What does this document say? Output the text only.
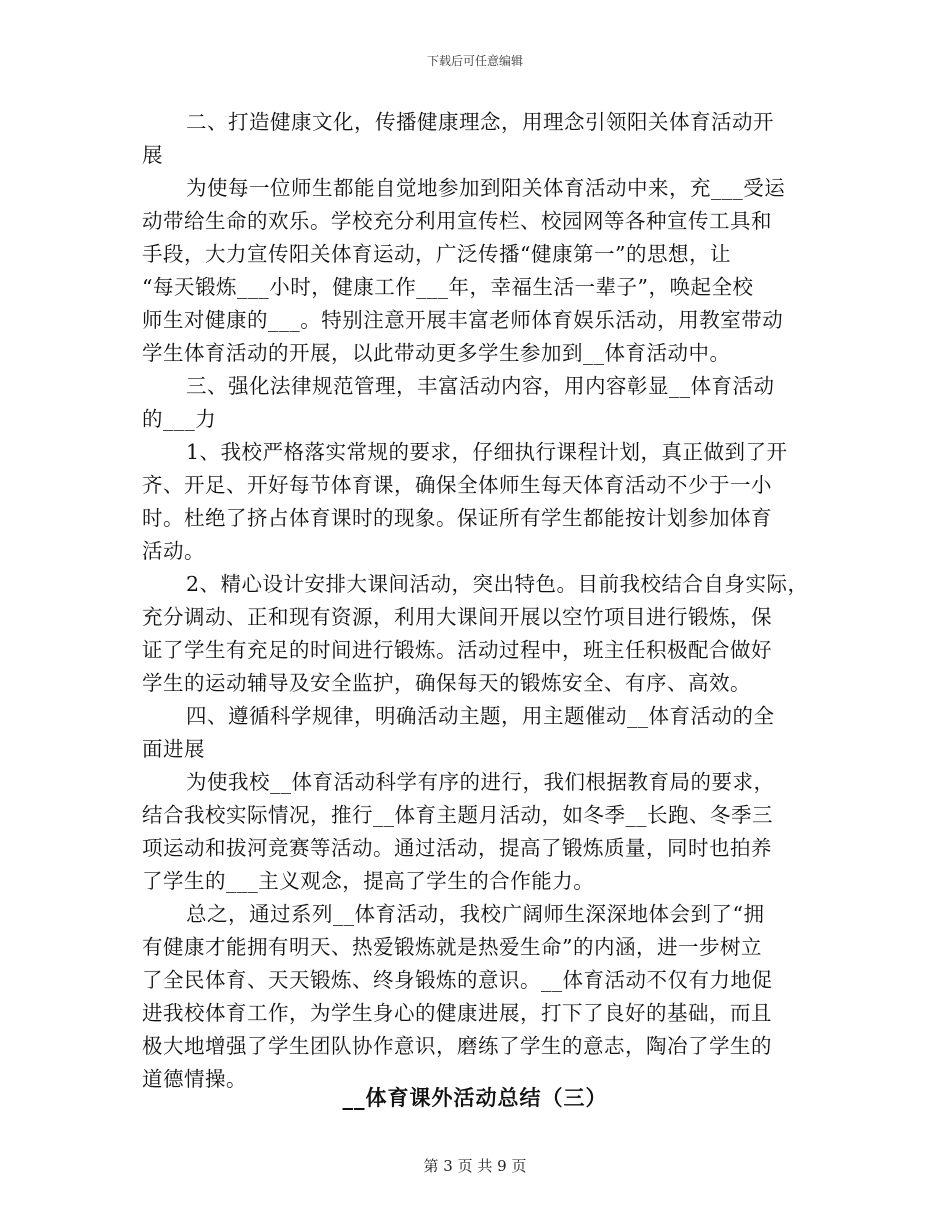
下载后可任意编辑
二、打造健康文化，传播健康理念，用理念引领阳关体育活动开
展
为使每一位师生都能自觉地参加到阳关体育活动中来，充___受运
动带给生命的欢乐。学校充分利用宣传栏、校园网等各种宣传工具和
手段，大力宣传阳关体育运动，广泛传播“健康第一”的思想，让
“每天锻炼___小时，健康工作___年，幸福生活一辈子”，唤起全校
师生对健康的___。特别注意开展丰富老师体育娱乐活动，用教室带动
学生体育活动的开展，以此带动更多学生参加到__体育活动中。
三、强化法律规范管理，丰富活动内容，用内容彰显__体育活动
的___力
1、我校严格落实常规的要求，仔细执行课程计划，真正做到了开
齐、开足、开好每节体育课，确保全体师生每天体育活动不少于一小
时。杜绝了挤占体育课时的现象。保证所有学生都能按计划参加体育
活动。
2、精心设计安排大课间活动，突出特色。目前我校结合自身实际，
充分调动、正和现有资源，利用大课间开展以空竹项目进行锻炼，保
证了学生有充足的时间进行锻炼。活动过程中，班主任积极配合做好
学生的运动辅导及安全监护，确保每天的锻炼安全、有序、高效。
四、遵循科学规律，明确活动主题，用主题催动__体育活动的全
面进展
为使我校__体育活动科学有序的进行，我们根据教育局的要求，
结合我校实际情况，推行__体育主题月活动，如冬季__长跑、冬季三
项运动和拔河竞赛等活动。通过活动，提高了锻炼质量，同时也拍养
了学生的___主义观念，提高了学生的合作能力。
总之，通过系列__体育活动，我校广阔师生深深地体会到了“拥
有健康才能拥有明天、热爱锻炼就是热爱生命”的内涵，进一步树立
了全民体育、天天锻炼、终身锻炼的意识。__体育活动不仅有力地促
进我校体育工作，为学生身心的健康进展，打下了良好的基础，而且
极大地增强了学生团队协作意识，磨练了学生的意志，陶冶了学生的
道德情操。
__体育课外活动总结（三）
第 3 页 共 9 页
